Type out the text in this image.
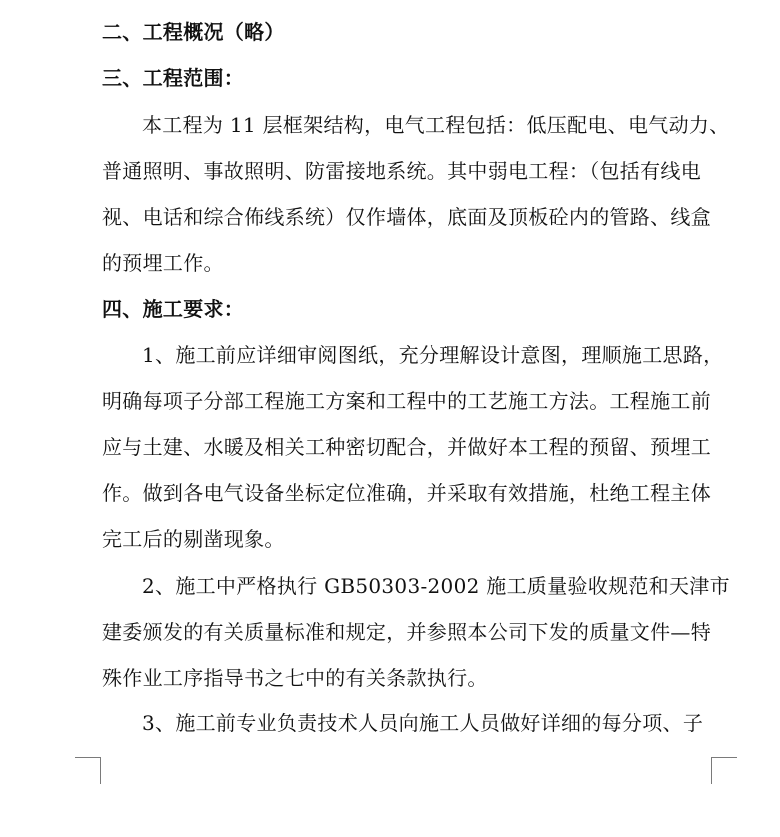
二、工程概况（略）
三、工程范围：
本工程为 11 层框架结构，电气工程包括：低压配电、电气动力、
普通照明、事故照明、防雷接地系统。其中弱电工程：（包括有线电
视、电话和综合佈线系统）仅作墙体，底面及顶板砼内的管路、线盒
的预埋工作。
四、施工要求：
1、施工前应详细审阅图纸，充分理解设计意图，理顺施工思路，
明确每项子分部工程施工方案和工程中的工艺施工方法。工程施工前
应与土建、水暖及相关工种密切配合，并做好本工程的预留、预埋工
作。做到各电气设备坐标定位准确，并采取有效措施，杜绝工程主体
完工后的剔凿现象。
2、施工中严格执行 GB50303-2002 施工质量验收规范和天津市
建委颁发的有关质量标准和规定，并参照本公司下发的质量文件—特
殊作业工序指导书之七中的有关条款执行。
3、施工前专业负责技术人员向施工人员做好详细的每分项、子
